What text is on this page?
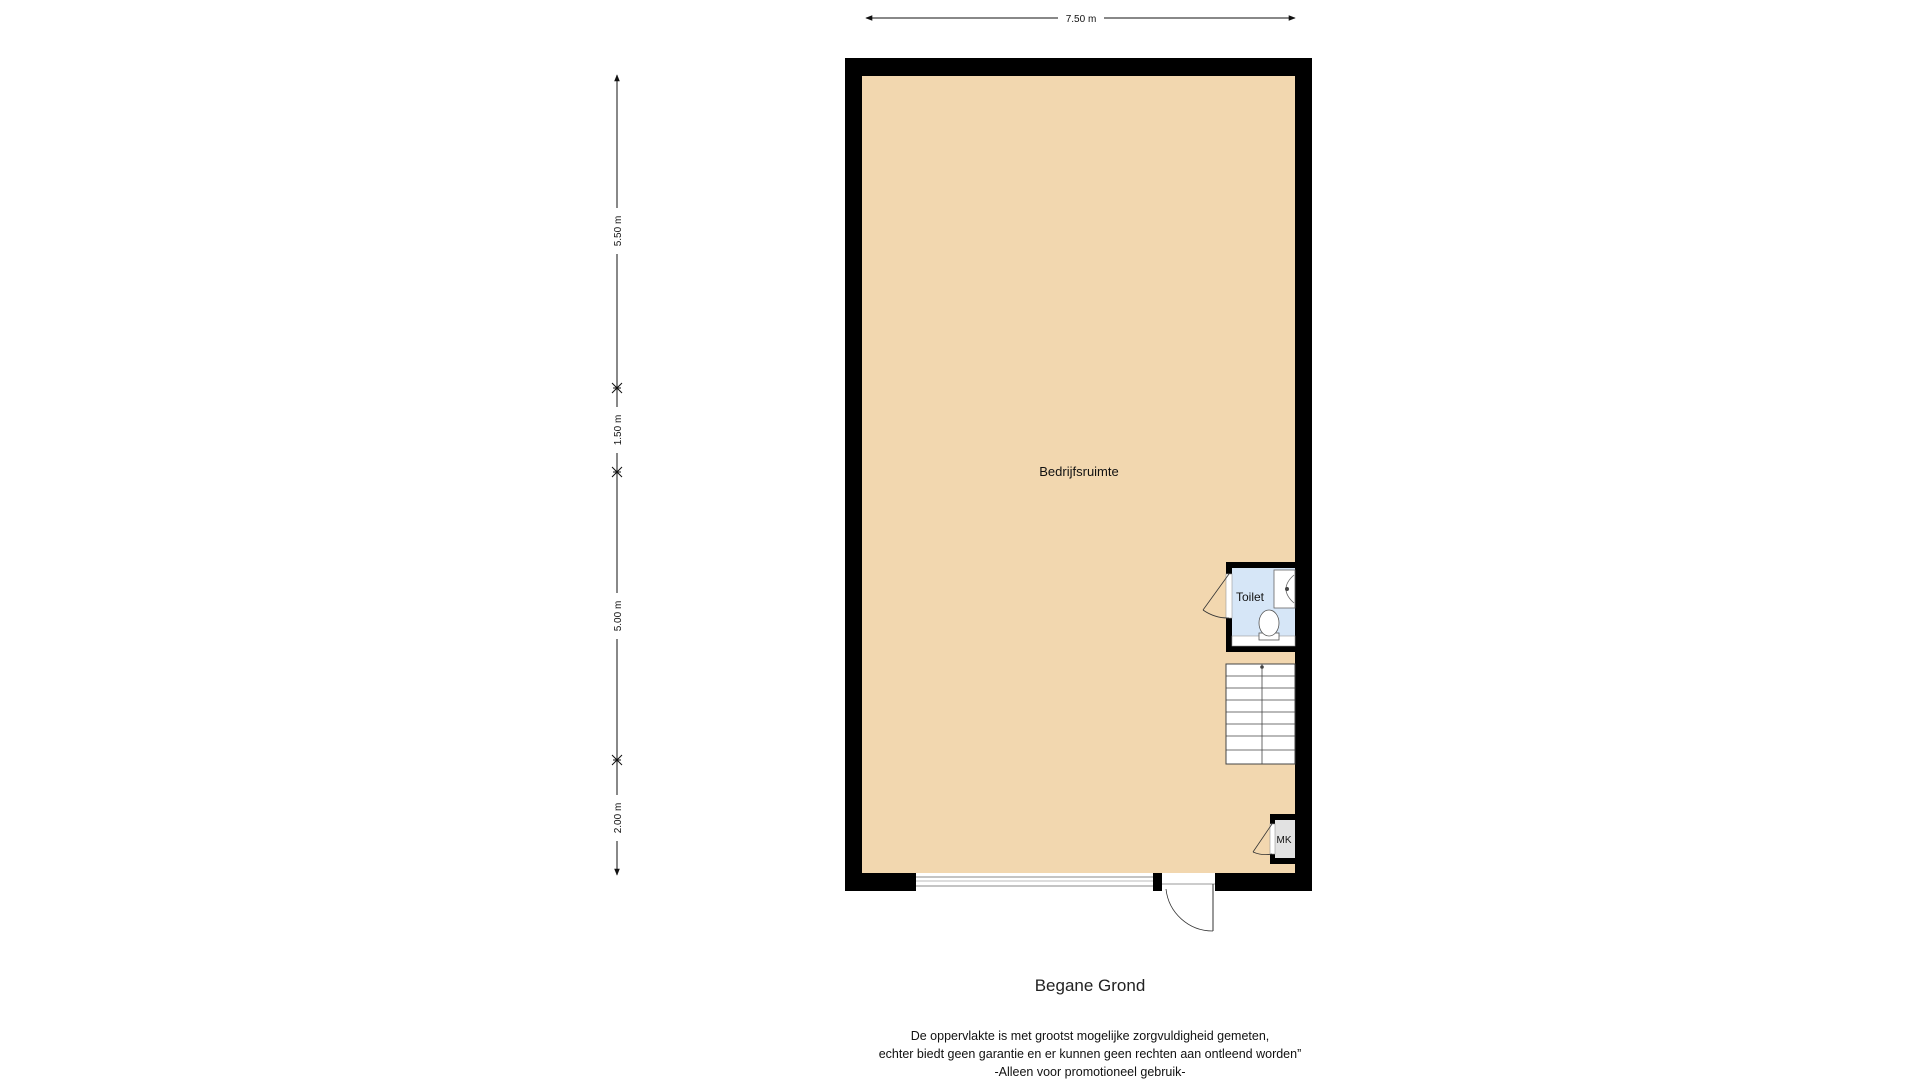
7.50 m
5.50 m
1.50 m
5.00 m
2.00 m
Bedrijfsruimte
Toilet
MK
Begane Grond
De oppervlakte is met grootst mogelijke zorgvuldigheid gemeten,
echter biedt geen garantie en er kunnen geen rechten aan ontleend worden”
-Alleen voor promotioneel gebruik-
